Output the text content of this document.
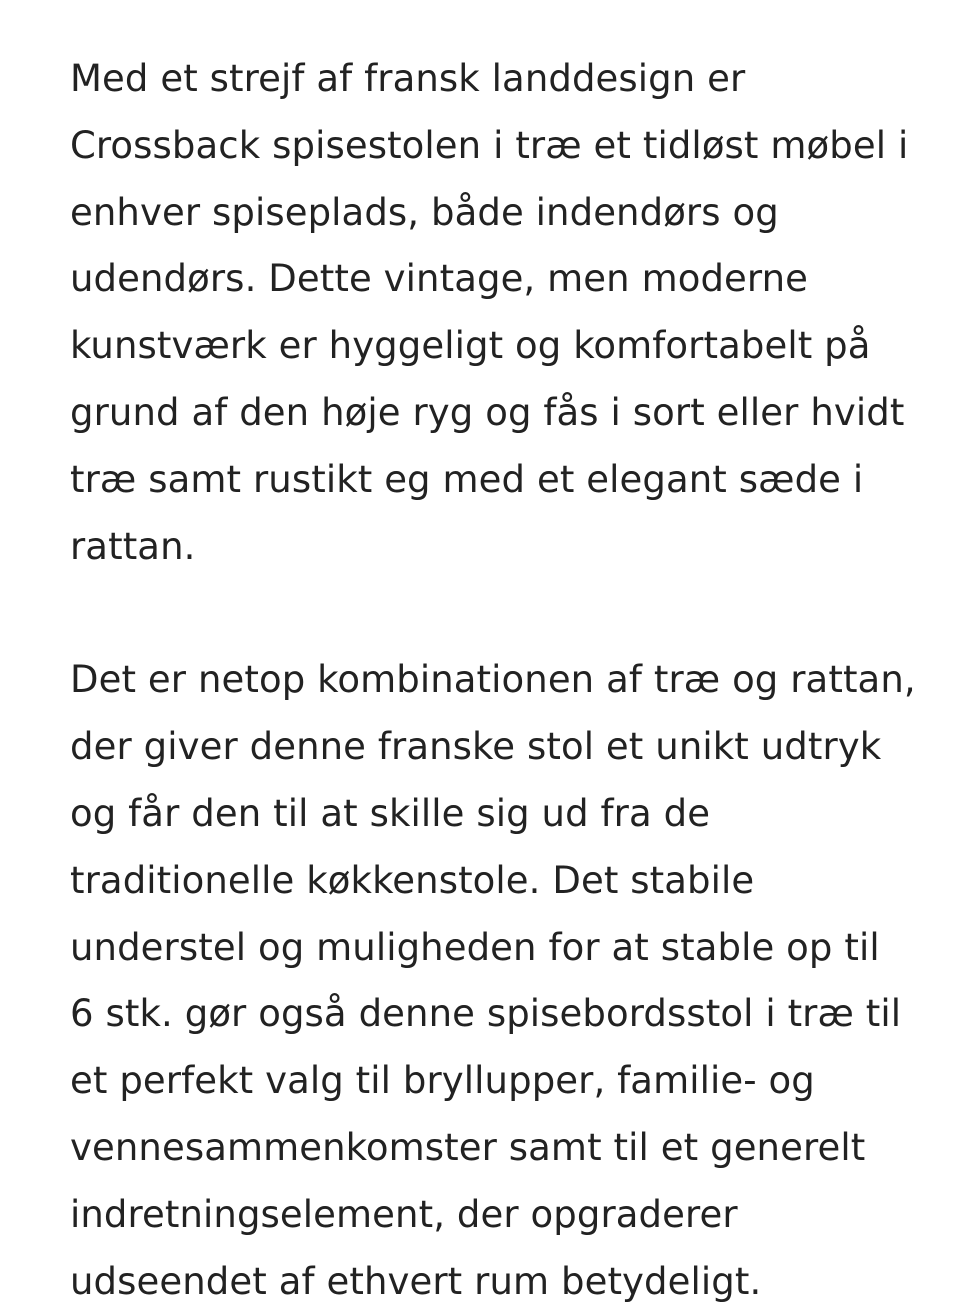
Med et strejf af fransk landdesign er
Crossback spisestolen i træ et tidløst møbel i
enhver spiseplads, både indendørs og
udendørs. Dette vintage, men moderne
kunstværk er hyggeligt og komfortabelt på
grund af den høje ryg og fås i sort eller hvidt
træ samt rustikt eg med et elegant sæde i
rattan.

Det er netop kombinationen af træ og rattan,
der giver denne franske stol et unikt udtryk
og får den til at skille sig ud fra de
traditionelle køkkenstole. Det stabile
understel og muligheden for at stable op til
6 stk. gør også denne spisebordsstol i træ til
et perfekt valg til bryllupper, familie- og
vennesammenkomster samt til et generelt
indretningselement, der opgraderer
udseendet af ethvert rum betydeligt.
